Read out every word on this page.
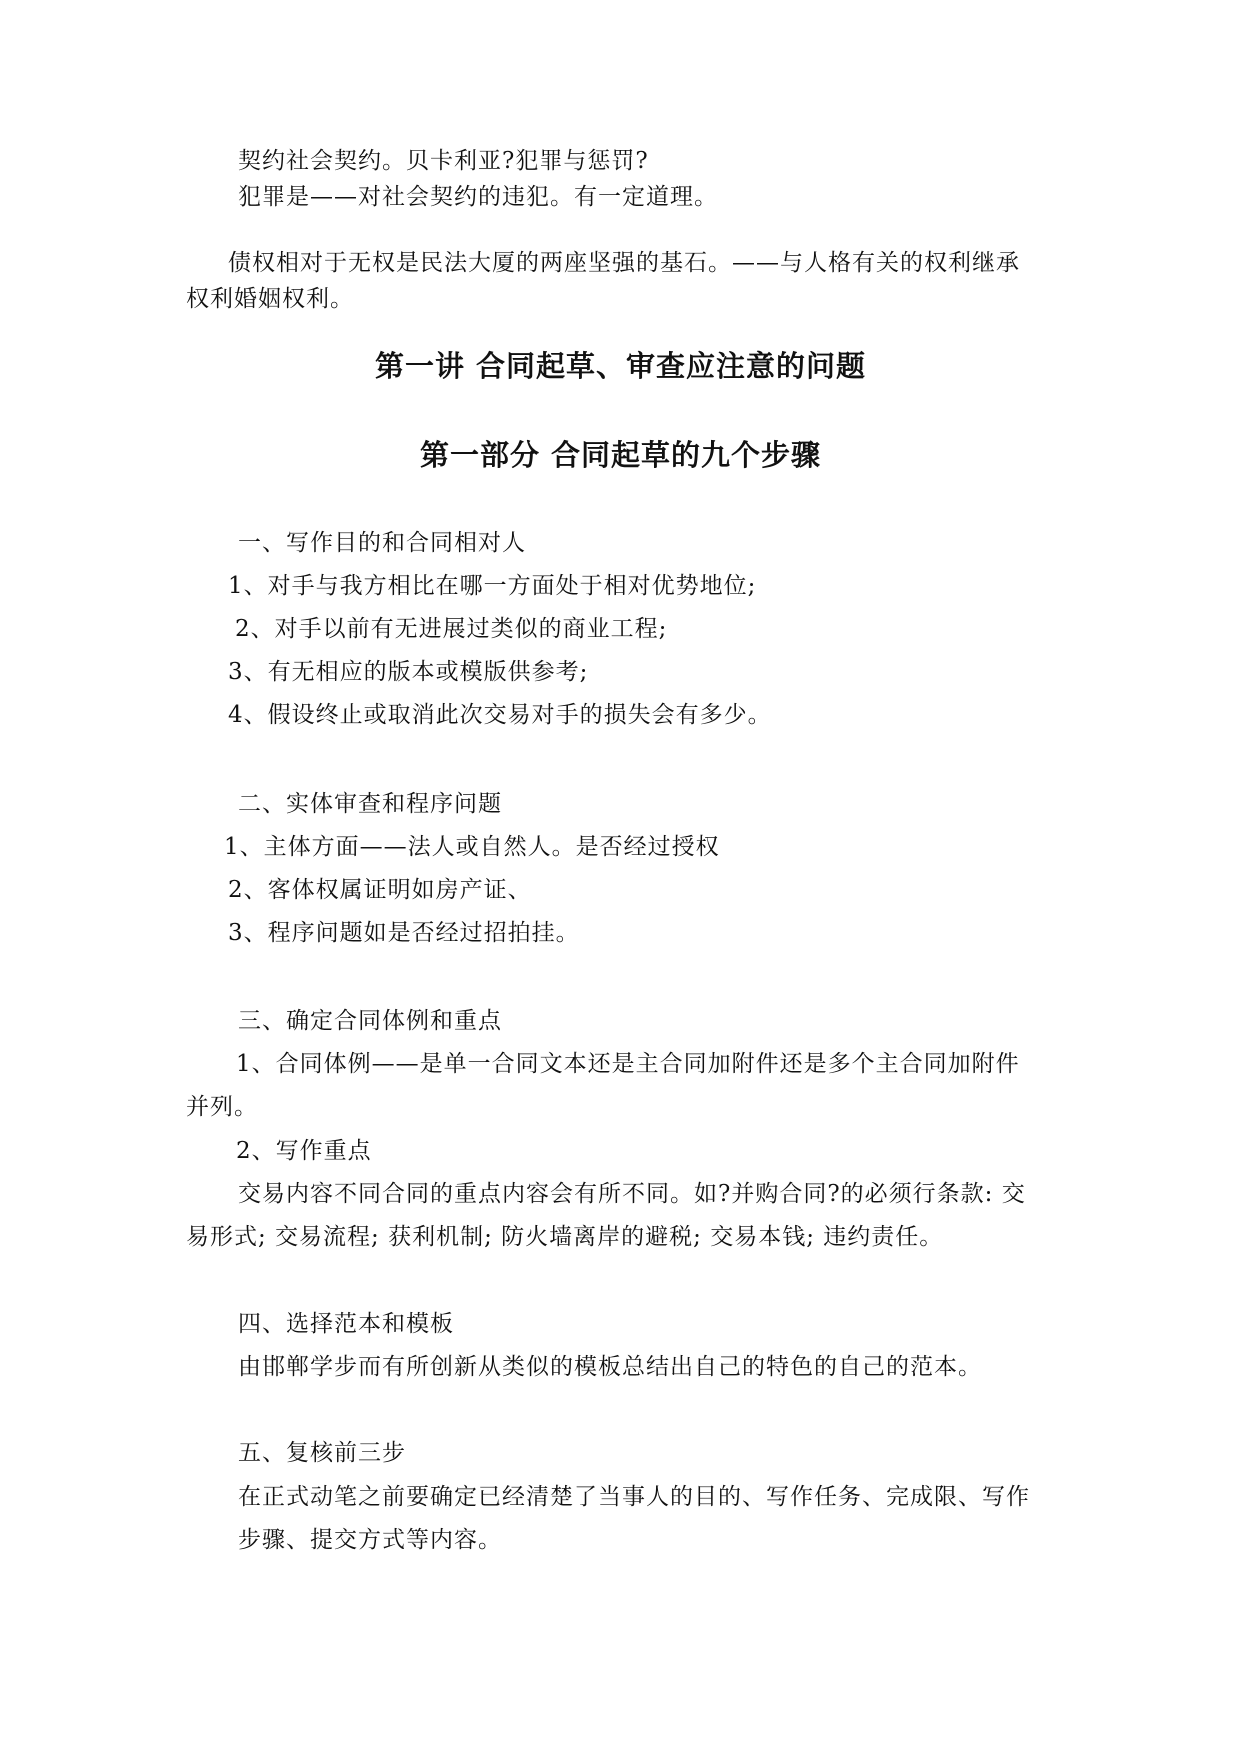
契约社会契约。贝卡利亚?犯罪与惩罚?
犯罪是——对社会契约的违犯。有一定道理。
债权相对于无权是民法大厦的两座坚强的基石。——与人格有关的权利继承
权利婚姻权利。
第一讲 合同起草、审查应注意的问题
第一部分 合同起草的九个步骤
一、写作目的和合同相对人
1、对手与我方相比在哪一方面处于相对优势地位;
2、对手以前有无进展过类似的商业工程;
3、有无相应的版本或模版供参考;
4、假设终止或取消此次交易对手的损失会有多少。
二、实体审查和程序问题
1、主体方面——法人或自然人。是否经过授权
2、客体权属证明如房产证、
3、程序问题如是否经过招拍挂。
三、确定合同体例和重点
1、合同体例——是单一合同文本还是主合同加附件还是多个主合同加附件
并列。
2、写作重点
交易内容不同合同的重点内容会有所不同。如?并购合同?的必须行条款: 交
易形式; 交易流程; 获利机制; 防火墙离岸的避税; 交易本钱; 违约责任。
四、选择范本和模板
由邯郸学步而有所创新从类似的模板总结出自己的特色的自己的范本。
五、复核前三步
在正式动笔之前要确定已经清楚了当事人的目的、写作任务、完成限、写作
步骤、提交方式等内容。
